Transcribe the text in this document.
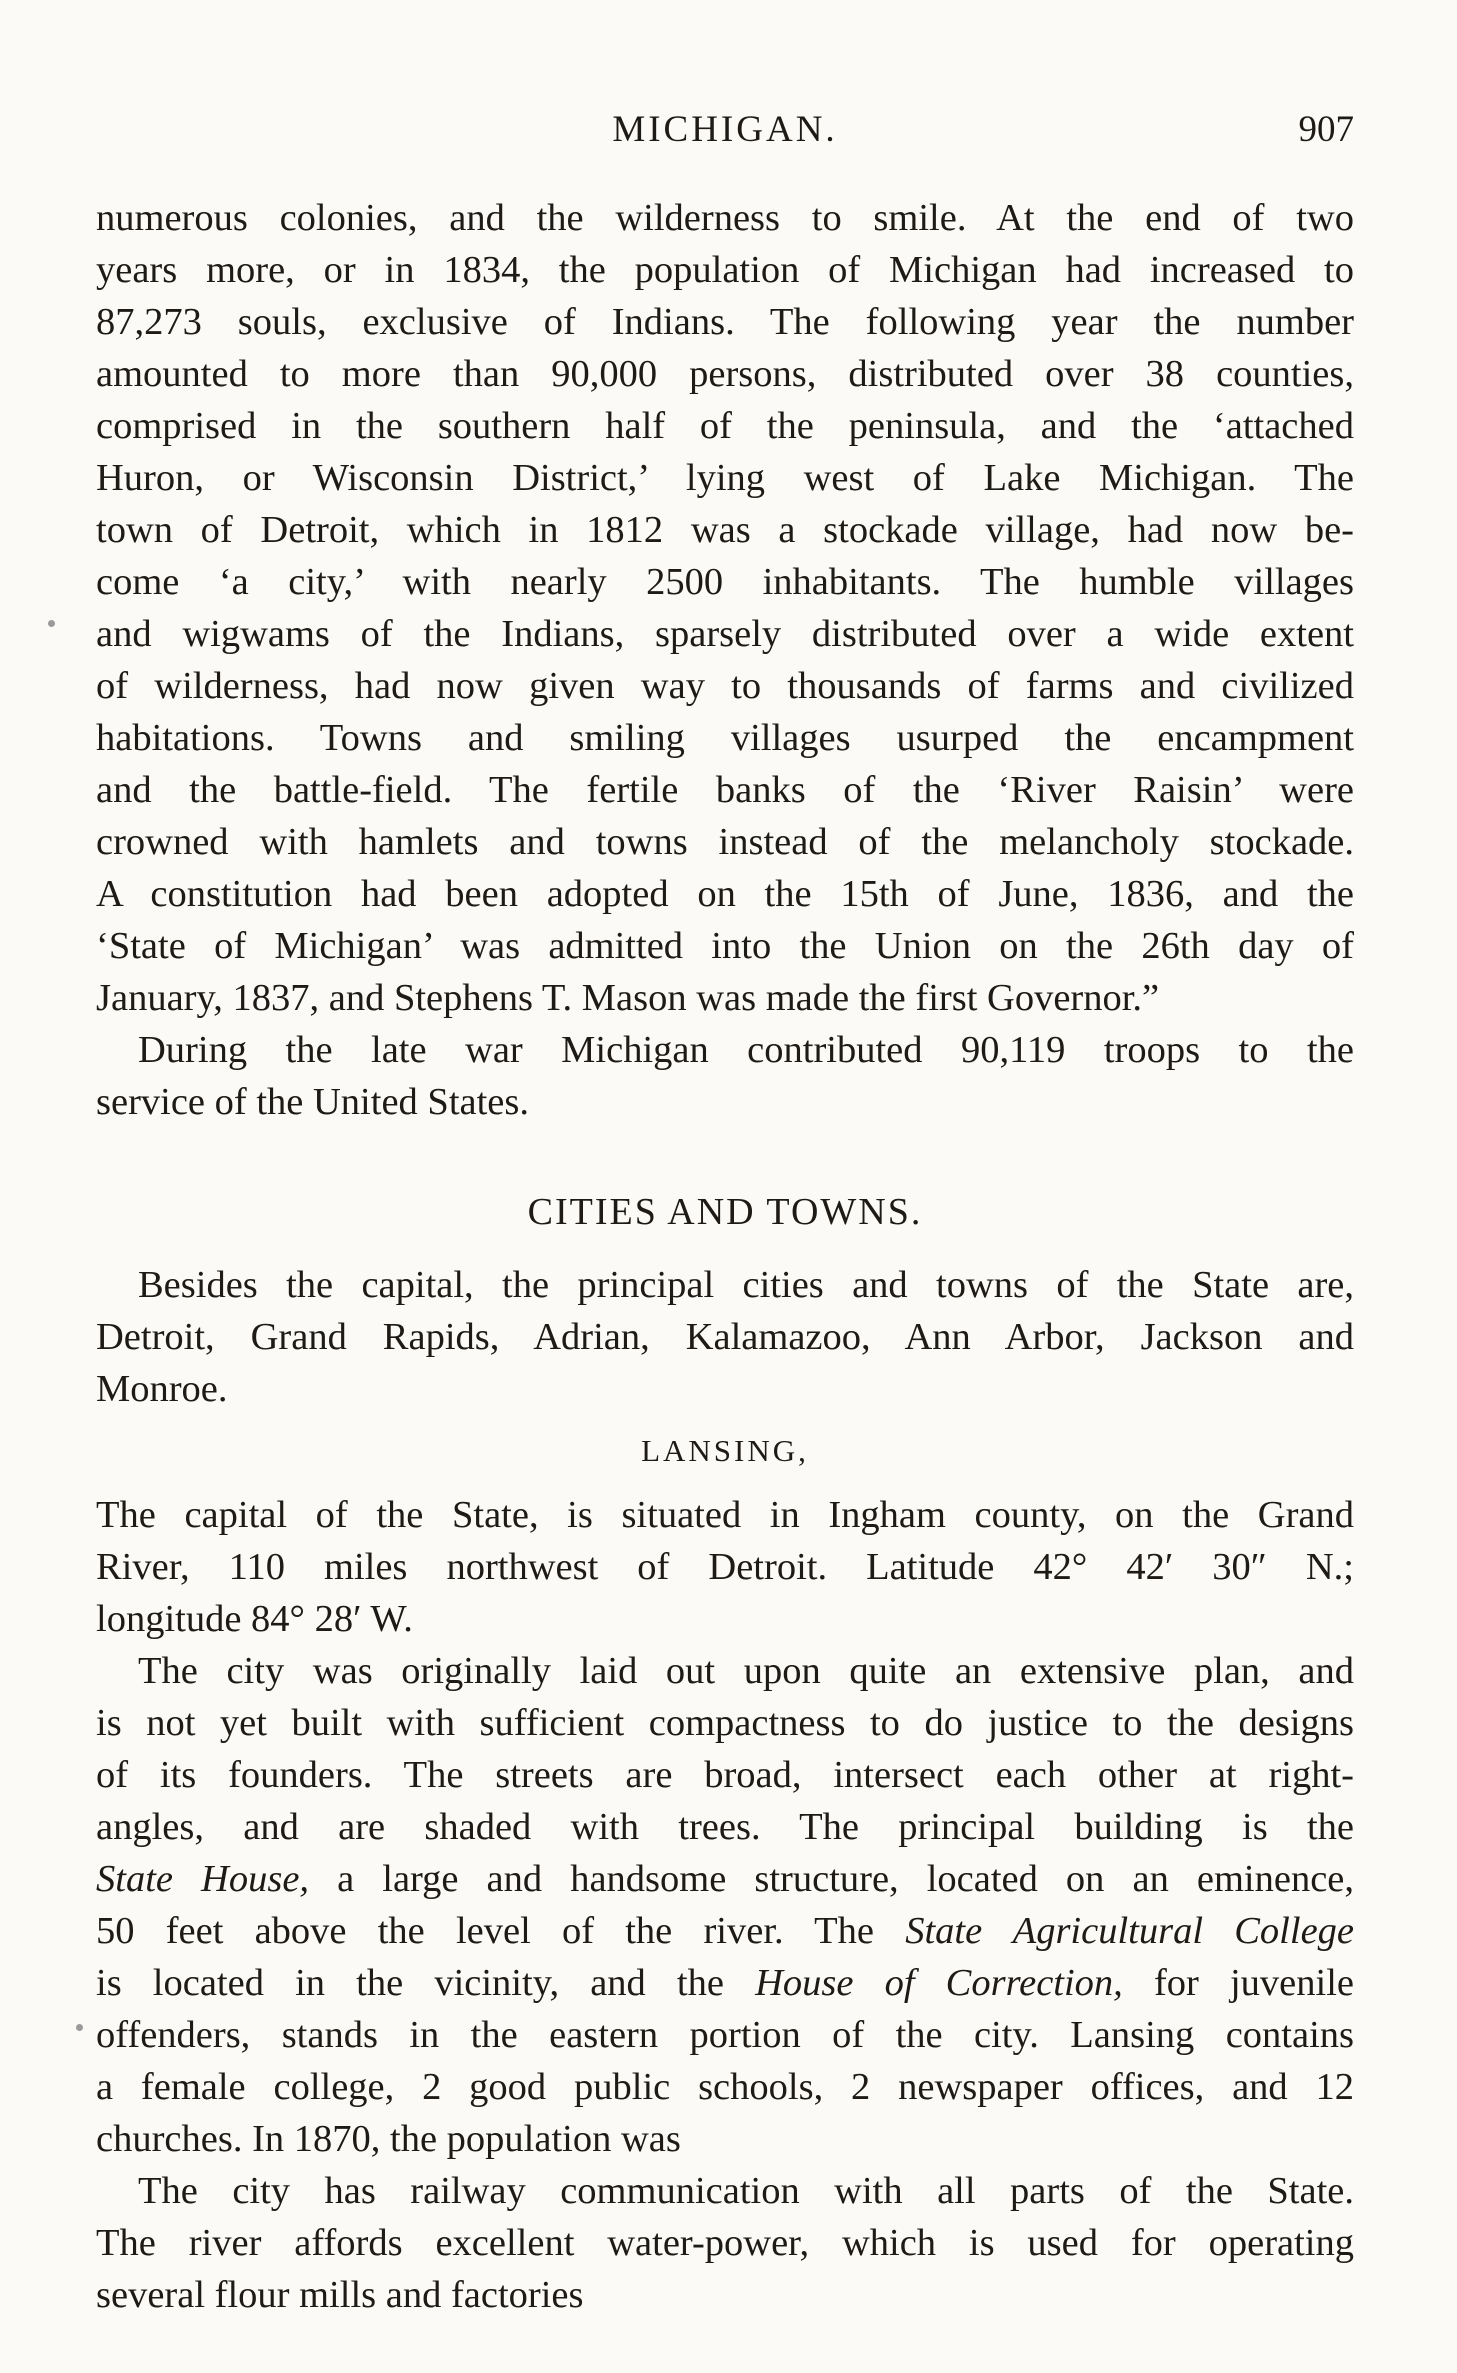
MICHIGAN.	907
numerous colonies, and the wilderness to smile. At the end of two
years more, or in 1834, the population of Michigan had increased to
87,273 souls, exclusive of Indians. The following year the number
amounted to more than 90,000 persons, distributed over 38 counties,
comprised in the southern half of the peninsula, and the ‘attached
Huron, or Wisconsin District,’ lying west of Lake Michigan. The
town of Detroit, which in 1812 was a stockade village, had now be-
come ‘a city,’ with nearly 2500 inhabitants. The humble villages
and wigwams of the Indians, sparsely distributed over a wide extent
of wilderness, had now given way to thousands of farms and civilized
habitations. Towns and smiling villages usurped the encampment
and the battle-field. The fertile banks of the ‘River Raisin’ were
crowned with hamlets and towns instead of the melancholy stockade.
A constitution had been adopted on the 15th of June, 1836, and the
‘State of Michigan’ was admitted into the Union on the 26th day of
January, 1837, and Stephens T. Mason was made the first Governor.”
During the late war Michigan contributed 90,119 troops to the
service of the United States.
CITIES AND TOWNS.
Besides the capital, the principal cities and towns of the State are,
Detroit, Grand Rapids, Adrian, Kalamazoo, Ann Arbor, Jackson and
Monroe.
LANSING,
The capital of the State, is situated in Ingham county, on the Grand
River, 110 miles northwest of Detroit. Latitude 42° 42′ 30″ N.;
longitude 84° 28′ W.
The city was originally laid out upon quite an extensive plan, and
is not yet built with sufficient compactness to do justice to the designs
of its founders. The streets are broad, intersect each other at right-
angles, and are shaded with trees. The principal building is the
State House, a large and handsome structure, located on an eminence,
50 feet above the level of the river. The State Agricultural College
is located in the vicinity, and the House of Correction, for juvenile
offenders, stands in the eastern portion of the city. Lansing contains
a female college, 2 good public schools, 2 newspaper offices, and 12
churches. In 1870, the population was
The city has railway communication with all parts of the State.
The river affords excellent water-power, which is used for operating
several flour mills and factories
